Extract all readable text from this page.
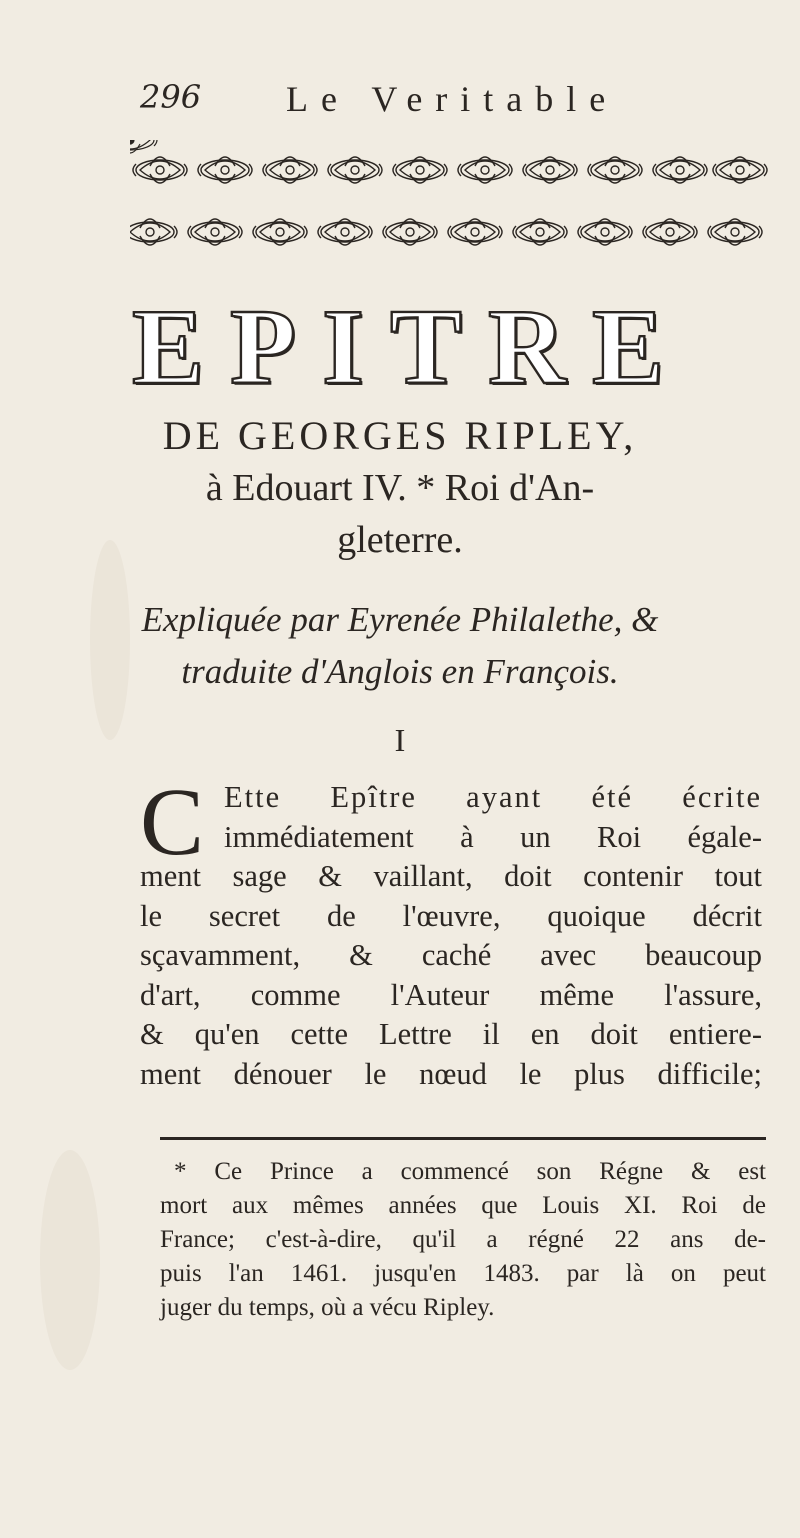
296 Le Veritable
EPITRE
DE GEORGES RIPLEY,
à Edouart IV. * Roi d'An-
gleterre.
Expliquée par Eyrenée Philalethe, &
traduite d'Anglois en François.
I
C Ette Epître ayant été écrite
immédiatement à un Roi égale-
ment sage & vaillant, doit contenir tout
le secret de l'œuvre, quoique décrit
sçavamment, & caché avec beaucoup
d'art, comme l'Auteur même l'assure,
& qu'en cette Lettre il en doit entiere-
ment dénouer le nœud le plus difficile;
* Ce Prince a commencé son Régne & est
mort aux mêmes années que Louis XI. Roi de
France; c'est-à-dire, qu'il a régné 22 ans de-
puis l'an 1461. jusqu'en 1483. par là on peut
juger du temps, où a vécu Ripley.
